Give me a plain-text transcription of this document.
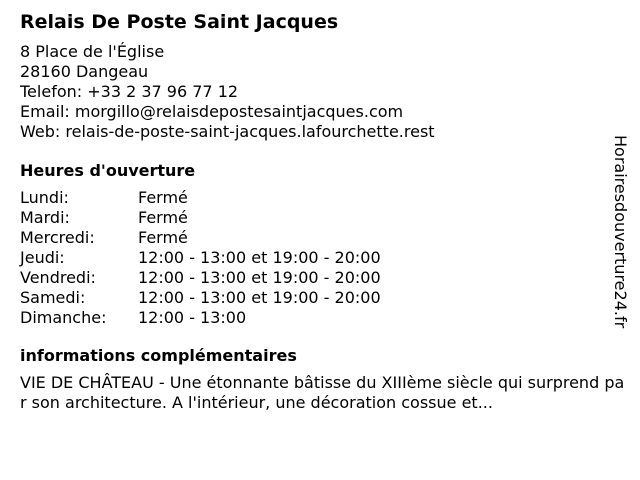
Relais De Poste Saint Jacques
8 Place de l'Église
28160 Dangeau
Telefon: +33 2 37 96 77 12
Email: morgillo@relaisdepostesaintjacques.com
Web: relais-de-poste-saint-jacques.lafourchette.rest
Heures d'ouverture
Lundi:	Fermé
Mardi:	Fermé
Mercredi:	Fermé
Jeudi:	12:00 - 13:00 et 19:00 - 20:00
Vendredi:	12:00 - 13:00 et 19:00 - 20:00
Samedi:	12:00 - 13:00 et 19:00 - 20:00
Dimanche:	12:00 - 13:00
informations complémentaires
VIE DE CHÂTEAU - Une étonnante bâtisse du XIIIème siècle qui surprend par son architecture. A l'intérieur, une décoration cossue et...
Horairesdouverture24.fr
